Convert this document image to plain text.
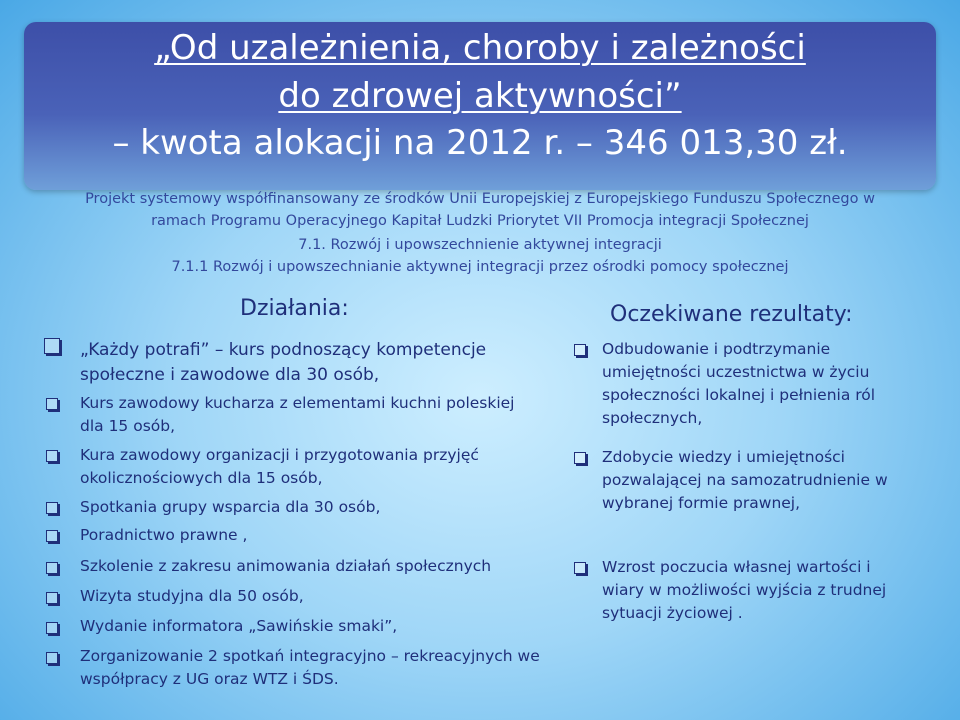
„Od uzależnienia, choroby i zależności
do zdrowej aktywności”
– kwota alokacji na 2012 r. – 346 013,30 zł.
Projekt systemowy współfinansowany ze środków Unii Europejskiej z Europejskiego Funduszu Społecznego w
ramach Programu Operacyjnego Kapitał Ludzki Priorytet VII Promocja integracji Społecznej
7.1. Rozwój i upowszechnienie aktywnej integracji
7.1.1 Rozwój i upowszechnianie aktywnej integracji przez ośrodki pomocy społecznej
Działania:	Oczekiwane rezultaty:
„Każdy potrafi” – kurs podnoszący kompetencje społeczne i zawodowe dla 30 osób,
Kurs zawodowy kucharza z elementami kuchni poleskiej dla 15 osób,
Kura zawodowy organizacji i przygotowania przyjęć okolicznościowych dla 15 osób,
Spotkania grupy wsparcia dla 30 osób,
Poradnictwo prawne ,
Szkolenie z zakresu animowania działań społecznych
Wizyta studyjna dla 50 osób,
Wydanie informatora „Sawińskie smaki”,
Zorganizowanie 2 spotkań integracyjno – rekreacyjnych we współpracy z UG oraz WTZ i ŚDS.
Odbudowanie i podtrzymanie umiejętności uczestnictwa w życiu społeczności lokalnej i pełnienia ról społecznych,
Zdobycie wiedzy i umiejętności pozwalającej na samozatrudnienie w wybranej formie prawnej,
Wzrost poczucia własnej wartości i wiary w możliwości wyjścia z trudnej sytuacji życiowej .
